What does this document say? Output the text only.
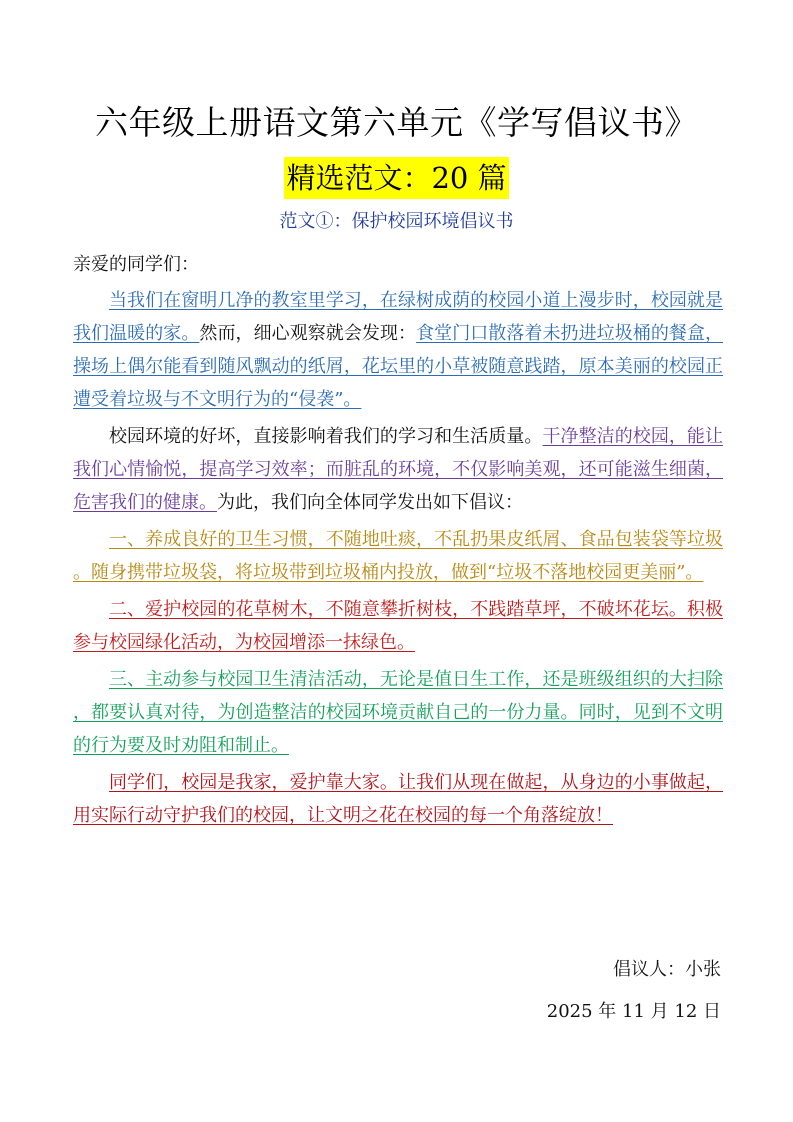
六年级上册语文第六单元《学写倡议书》
精选范文：20 篇
范文①：保护校园环境倡议书
亲爱的同学们：

当我们在窗明几净的教室里学习，在绿树成荫的校园小道上漫步时，校园就是我们温暖的家。然而，细心观察就会发现：食堂门口散落着未扔进垃圾桶的餐盒，操场上偶尔能看到随风飘动的纸屑，花坛里的小草被随意践踏，原本美丽的校园正遭受着垃圾与不文明行为的“侵袭”。

校园环境的好坏，直接影响着我们的学习和生活质量。干净整洁的校园，能让我们心情愉悦，提高学习效率；而脏乱的环境，不仅影响美观，还可能滋生细菌，危害我们的健康。为此，我们向全体同学发出如下倡议：

一、养成良好的卫生习惯，不随地吐痰，不乱扔果皮纸屑、食品包装袋等垃圾。随身携带垃圾袋，将垃圾带到垃圾桶内投放，做到“垃圾不落地校园更美丽”。

二、爱护校园的花草树木，不随意攀折树枝，不践踏草坪，不破坏花坛。积极参与校园绿化活动，为校园增添一抹绿色。

三、主动参与校园卫生清洁活动，无论是值日生工作，还是班级组织的大扫除，都要认真对待，为创造整洁的校园环境贡献自己的一份力量。同时，见到不文明的行为要及时劝阻和制止。

同学们，校园是我家，爱护靠大家。让我们从现在做起，从身边的小事做起，用实际行动守护我们的校园，让文明之花在校园的每一个角落绽放！

倡议人：小张
2025 年 11 月 12 日
